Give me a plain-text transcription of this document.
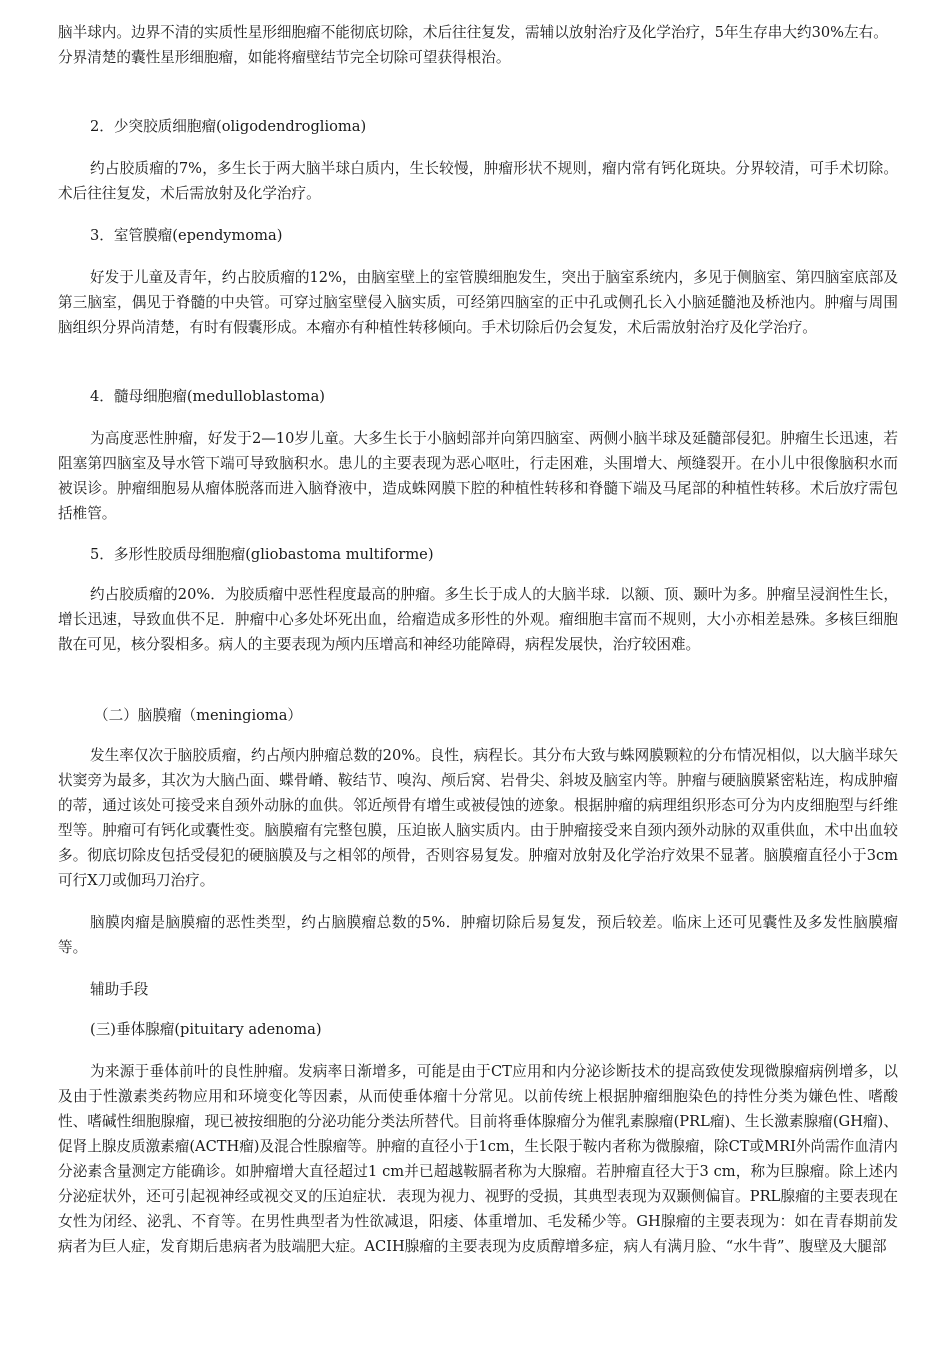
脑半球内。边界不清的实质性星形细胞瘤不能彻底切除，术后往往复发，需辅以放射治疗及化学治疗，5年生存串大约30%左右。分界清楚的囊性星形细胞瘤，如能将瘤壁结节完全切除可望获得根治。

2．少突胶质细胞瘤(oligodendroglioma)

约占胶质瘤的7%，多生长于两大脑半球白质内，生长较慢，肿瘤形状不规则，瘤内常有钙化斑块。分界较清，可手术切除。术后往往复发，术后需放射及化学治疗。

3．室管膜瘤(ependymoma)

好发于儿童及青年，约占胶质瘤的12%，由脑室壁上的室管膜细胞发生，突出于脑室系统内，多见于侧脑室、第四脑室底部及第三脑室，偶见于脊髓的中央管。可穿过脑室壁侵入脑实质，可经第四脑室的正中孔或侧孔长入小脑延髓池及桥池内。肿瘤与周围脑组织分界尚清楚，有时有假囊形成。本瘤亦有种植性转移倾向。手术切除后仍会复发，术后需放射治疗及化学治疗。

4．髓母细胞瘤(medulloblastoma)

为高度恶性肿瘤，好发于2—10岁儿童。大多生长于小脑蚓部并向第四脑室、两侧小脑半球及延髓部侵犯。肿瘤生长迅速，若阻塞第四脑室及导水管下端可导致脑积水。患儿的主要表现为恶心呕吐，行走困难，头围增大、颅缝裂开。在小儿中很像脑积水而被误诊。肿瘤细胞易从瘤体脱落而进入脑脊液中，造成蛛网膜下腔的种植性转移和脊髓下端及马尾部的种植性转移。术后放疗需包括椎管。

5．多形性胶质母细胞瘤(gliobastoma multiforme)

约占胶质瘤的20%．为胶质瘤中恶性程度最高的肿瘤。多生长于成人的大脑半球．以额、顶、颞叶为多。肿瘤呈浸润性生长，增长迅速，导致血供不足．肿瘤中心多处坏死出血，给瘤造成多形性的外观。瘤细胞丰富而不规则，大小亦相差悬殊。多核巨细胞散在可见，核分裂相多。病人的主要表现为颅内压增高和神经功能障碍，病程发展快，治疗较困难。

（二）脑膜瘤（meningioma）

发生率仅次于脑胶质瘤，约占颅内肿瘤总数的20%。良性，病程长。其分布大致与蛛网膜颗粒的分布情况相似，以大脑半球矢状窦旁为最多，其次为大脑凸面、蝶骨嵴、鞍结节、嗅沟、颅后窝、岩骨尖、斜坡及脑室内等。肿瘤与硬脑膜紧密粘连，构成肿瘤的蒂，通过该处可接受来自颈外动脉的血供。邻近颅骨有增生或被侵蚀的迹象。根据肿瘤的病理组织形态可分为内皮细胞型与纤维型等。肿瘤可有钙化或囊性变。脑膜瘤有完整包膜，压迫嵌人脑实质内。由于肿瘤接受来自颈内颈外动脉的双重供血，术中出血较多。彻底切除皮包括受侵犯的硬脑膜及与之相邻的颅骨，否则容易复发。肿瘤对放射及化学治疗效果不显著。脑膜瘤直径小于3cm可行X刀或伽玛刀治疗。

脑膜肉瘤是脑膜瘤的恶性类型，约占脑膜瘤总数的5%．肿瘤切除后易复发，预后较差。临床上还可见囊性及多发性脑膜瘤等。

辅助手段

(三)垂体腺瘤(pituitary adenoma)

为来源于垂体前叶的良性肿瘤。发病率日渐增多，可能是由于CT应用和内分泌诊断技术的提高致使发现微腺瘤病例增多，以及由于性激素类药物应用和环境变化等因素，从而使垂体瘤十分常见。以前传统上根据肿瘤细胞染色的持性分类为嫌色性、嗜酸性、嗜碱性细胞腺瘤，现已被按细胞的分泌功能分类法所替代。目前将垂体腺瘤分为催乳素腺瘤(PRL瘤)、生长激素腺瘤(GH瘤)、促肾上腺皮质激素瘤(ACTH瘤)及混合性腺瘤等。肿瘤的直径小于1cm，生长限于鞍内者称为微腺瘤，除CT或MRI外尚需作血清内分泌素含量测定方能确诊。如肿瘤增大直径超过1 cm并已超越鞍膈者称为大腺瘤。若肿瘤直径大于3 cm，称为巨腺瘤。除上述内分泌症状外，还可引起视神经或视交叉的压迫症状．表现为视力、视野的受损，其典型表现为双颞侧偏盲。PRL腺瘤的主要表现在女性为闭经、泌乳、不育等。在男性典型者为性欲减退，阳痿、体重增加、毛发稀少等。GH腺瘤的主要表现为：如在青春期前发病者为巨人症，发育期后患病者为肢端肥大症。ACIH腺瘤的主要表现为皮质醇增多症，病人有满月脸、“水牛背”、腹壁及大腿部
